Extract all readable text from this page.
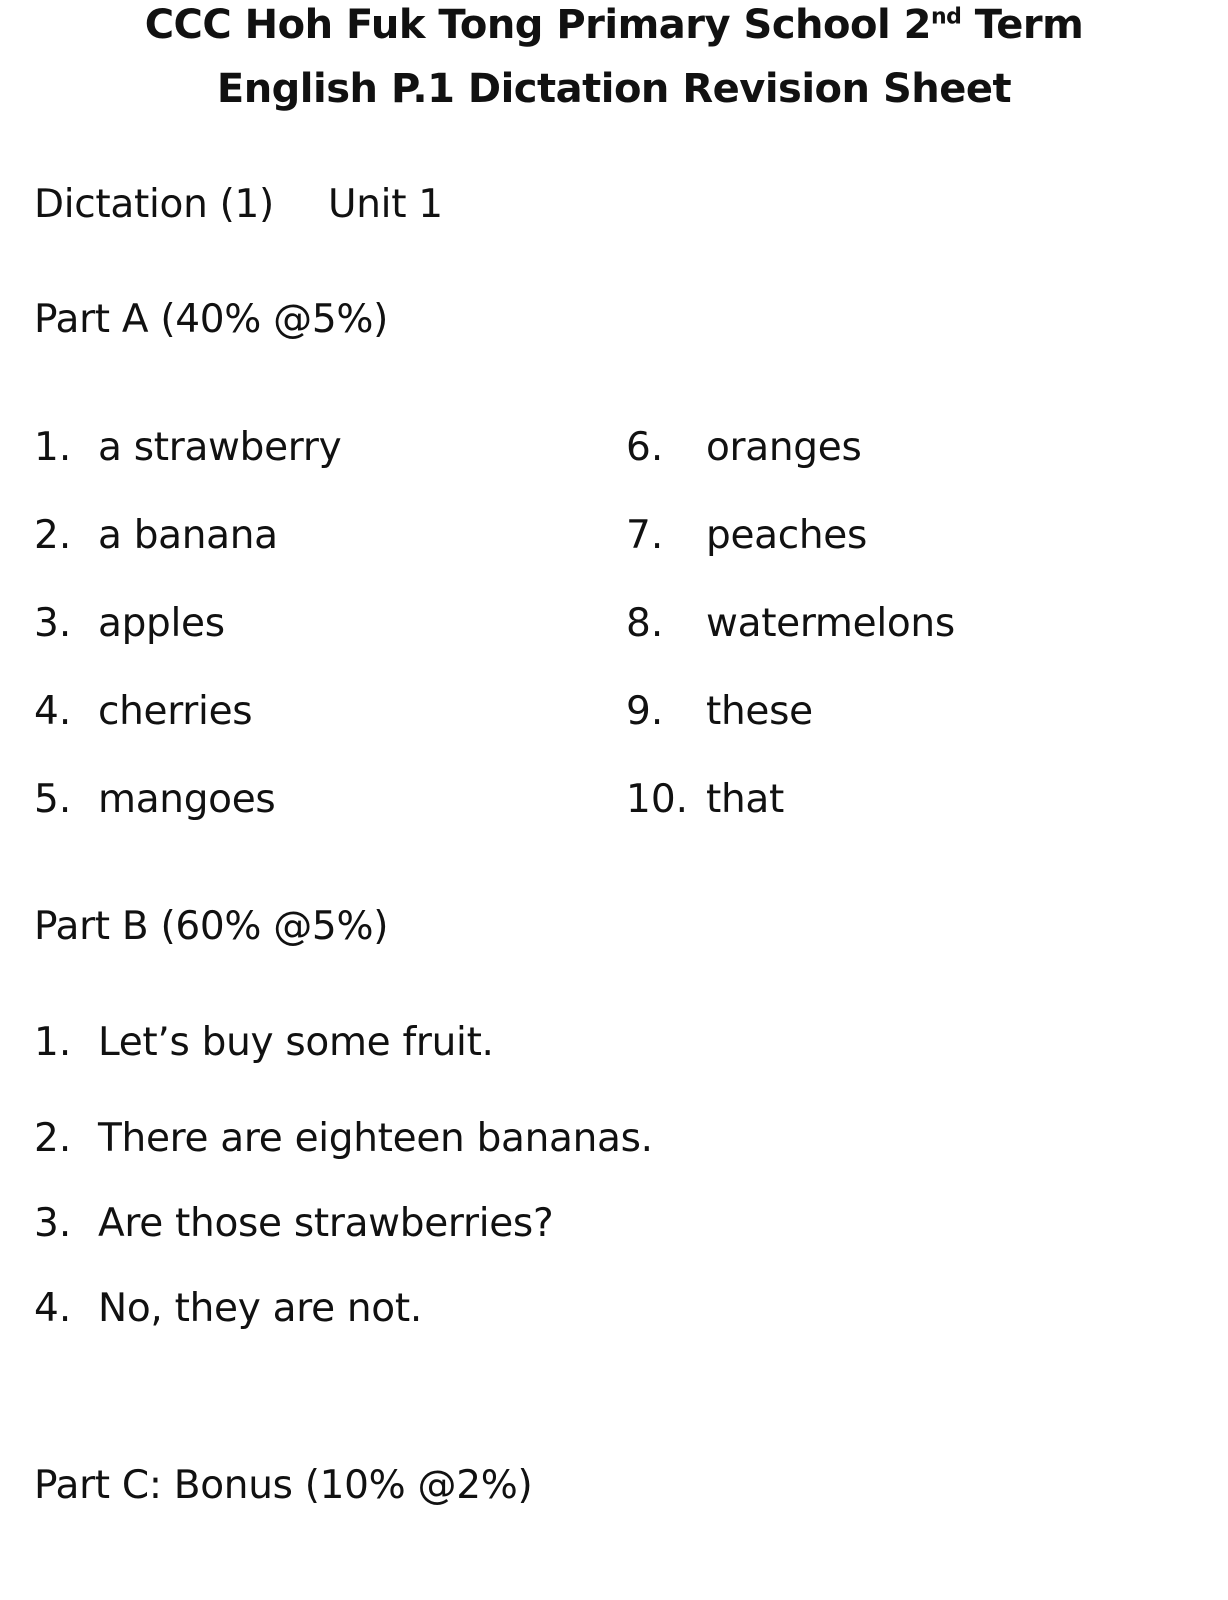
CCC Hoh Fuk Tong Primary School 2nd Term
English P.1 Dictation Revision Sheet
Dictation (1) Unit 1
Part A (40% @5%)
1. a strawberry
2. a banana
3. apples
4. cherries
5. mangoes
6. oranges
7. peaches
8. watermelons
9. these
10. that
Part B (60% @5%)
1. Let’s buy some fruit.
2. There are eighteen bananas.
3. Are those strawberries?
4. No, they are not.
Part C: Bonus (10% @2%)
